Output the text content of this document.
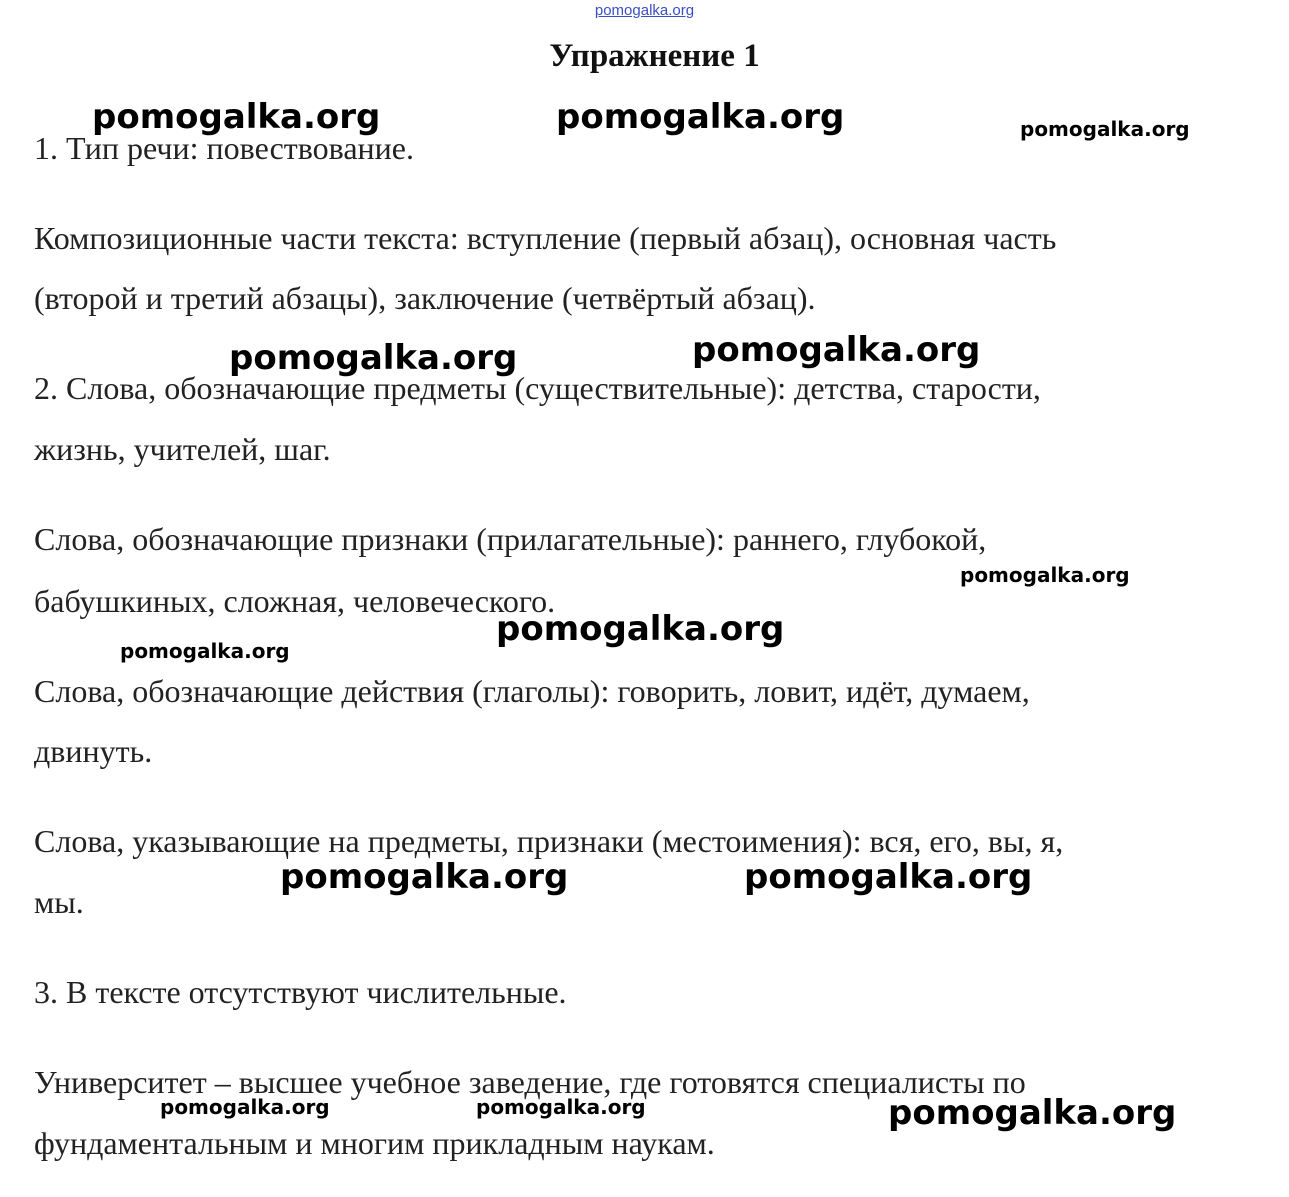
pomogalka.org
Упражнение 1
1. Тип речи: повествование.
Композиционные части текста: вступление (первый абзац), основная часть
(второй и третий абзацы), заключение (четвёртый абзац).
2. Слова, обозначающие предметы (существительные): детства, старости,
жизнь, учителей, шаг.
Слова, обозначающие признаки (прилагательные): раннего, глубокой,
бабушкиных, сложная, человеческого.
Слова, обозначающие действия (глаголы): говорить, ловит, идёт, думаем,
двинуть.
Слова, указывающие на предметы, признаки (местоимения): вся, его, вы, я,
мы.
3. В тексте отсутствуют числительные.
Университет – высшее учебное заведение, где готовятся специалисты по
фундаментальным и многим прикладным наукам.
pomogalka.org	pomogalka.org	pomogalka.org
pomogalka.org	pomogalka.org
pomogalka.org
pomogalka.org
pomogalka.org
pomogalka.org	pomogalka.org
pomogalka.org	pomogalka.org	pomogalka.org
